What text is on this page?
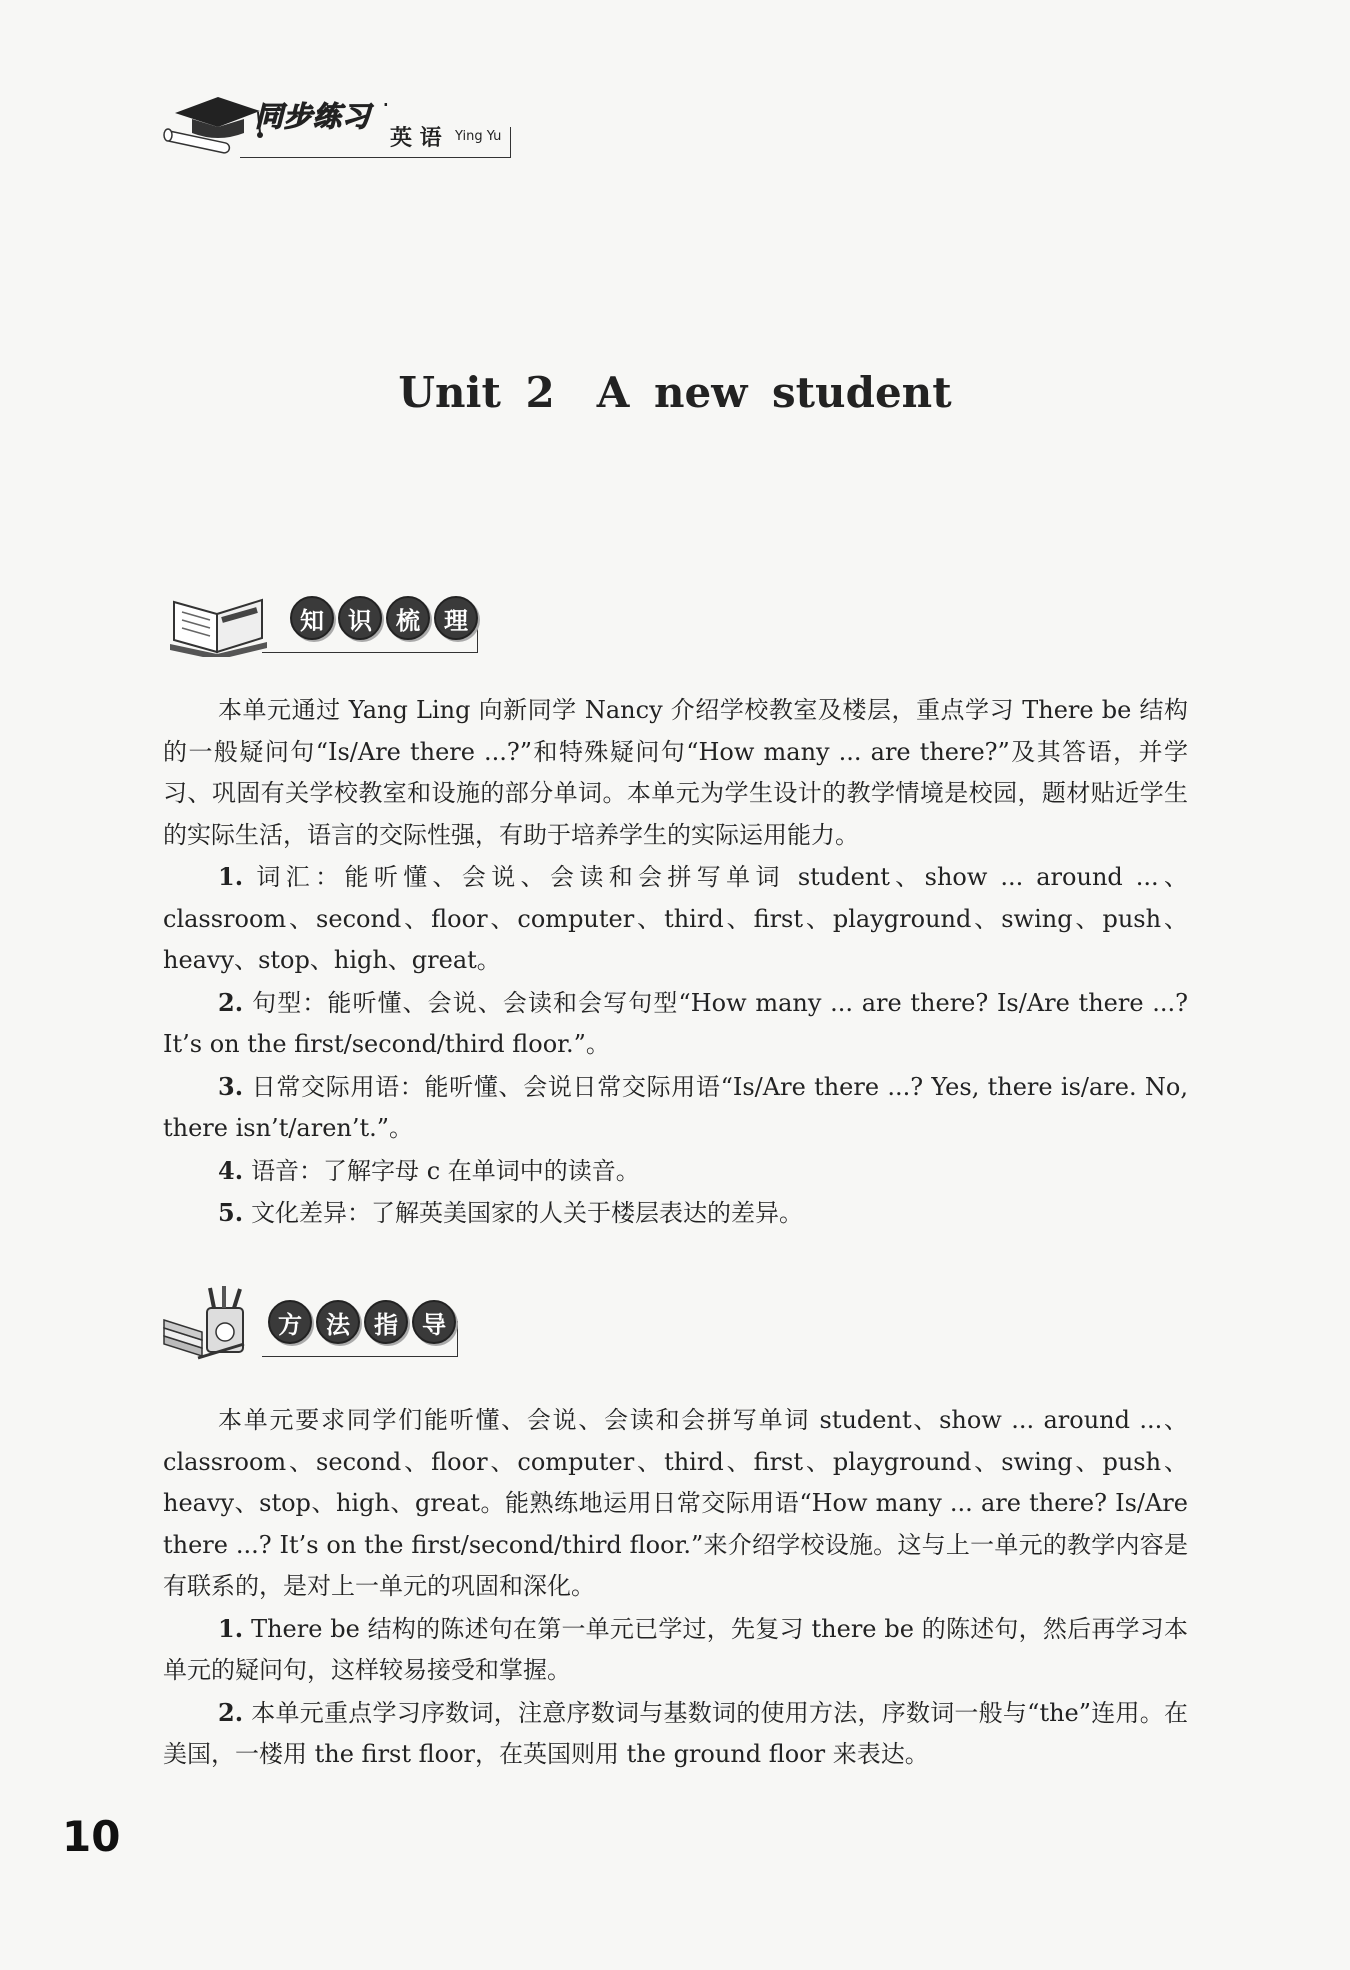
同步练习 ·
英 语 Ying Yu
Unit 2 A new student
知	识	梳	理

本单元通过 Yang Ling 向新同学 Nancy 介绍学校教室及楼层，重点学习 There be 结构的一般疑问句“Is/Are there ...?”和特殊疑问句“How many ... are there?”及其答语，并学习、巩固有关学校教室和设施的部分单词。本单元为学生设计的教学情境是校园，题材贴近学生的实际生活，语言的交际性强，有助于培养学生的实际运用能力。

1. 词汇：能听懂、会说、会读和会拼写单词 student、show ... around ...、classroom、second、floor、computer、third、first、playground、swing、push、heavy、stop、high、great。

2. 句型：能听懂、会说、会读和会写句型“How many ... are there? Is/Are there ...? It’s on the first/second/third floor.”。

3. 日常交际用语：能听懂、会说日常交际用语“Is/Are there ...? Yes, there is/are. No, there isn’t/aren’t.”。

4. 语音：了解字母 c 在单词中的读音。

5. 文化差异：了解英美国家的人关于楼层表达的差异。

方	法	指	导

本单元要求同学们能听懂、会说、会读和会拼写单词 student、show ... around ...、classroom、second、floor、computer、third、first、playground、swing、push、heavy、stop、high、great。能熟练地运用日常交际用语“How many ... are there? Is/Are there ...? It’s on the first/second/third floor.”来介绍学校设施。这与上一单元的教学内容是有联系的，是对上一单元的巩固和深化。

1. There be 结构的陈述句在第一单元已学过，先复习 there be 的陈述句，然后再学习本单元的疑问句，这样较易接受和掌握。

2. 本单元重点学习序数词，注意序数词与基数词的使用方法，序数词一般与“the”连用。在美国，一楼用 the first floor，在英国则用 the ground floor 来表达。

10
